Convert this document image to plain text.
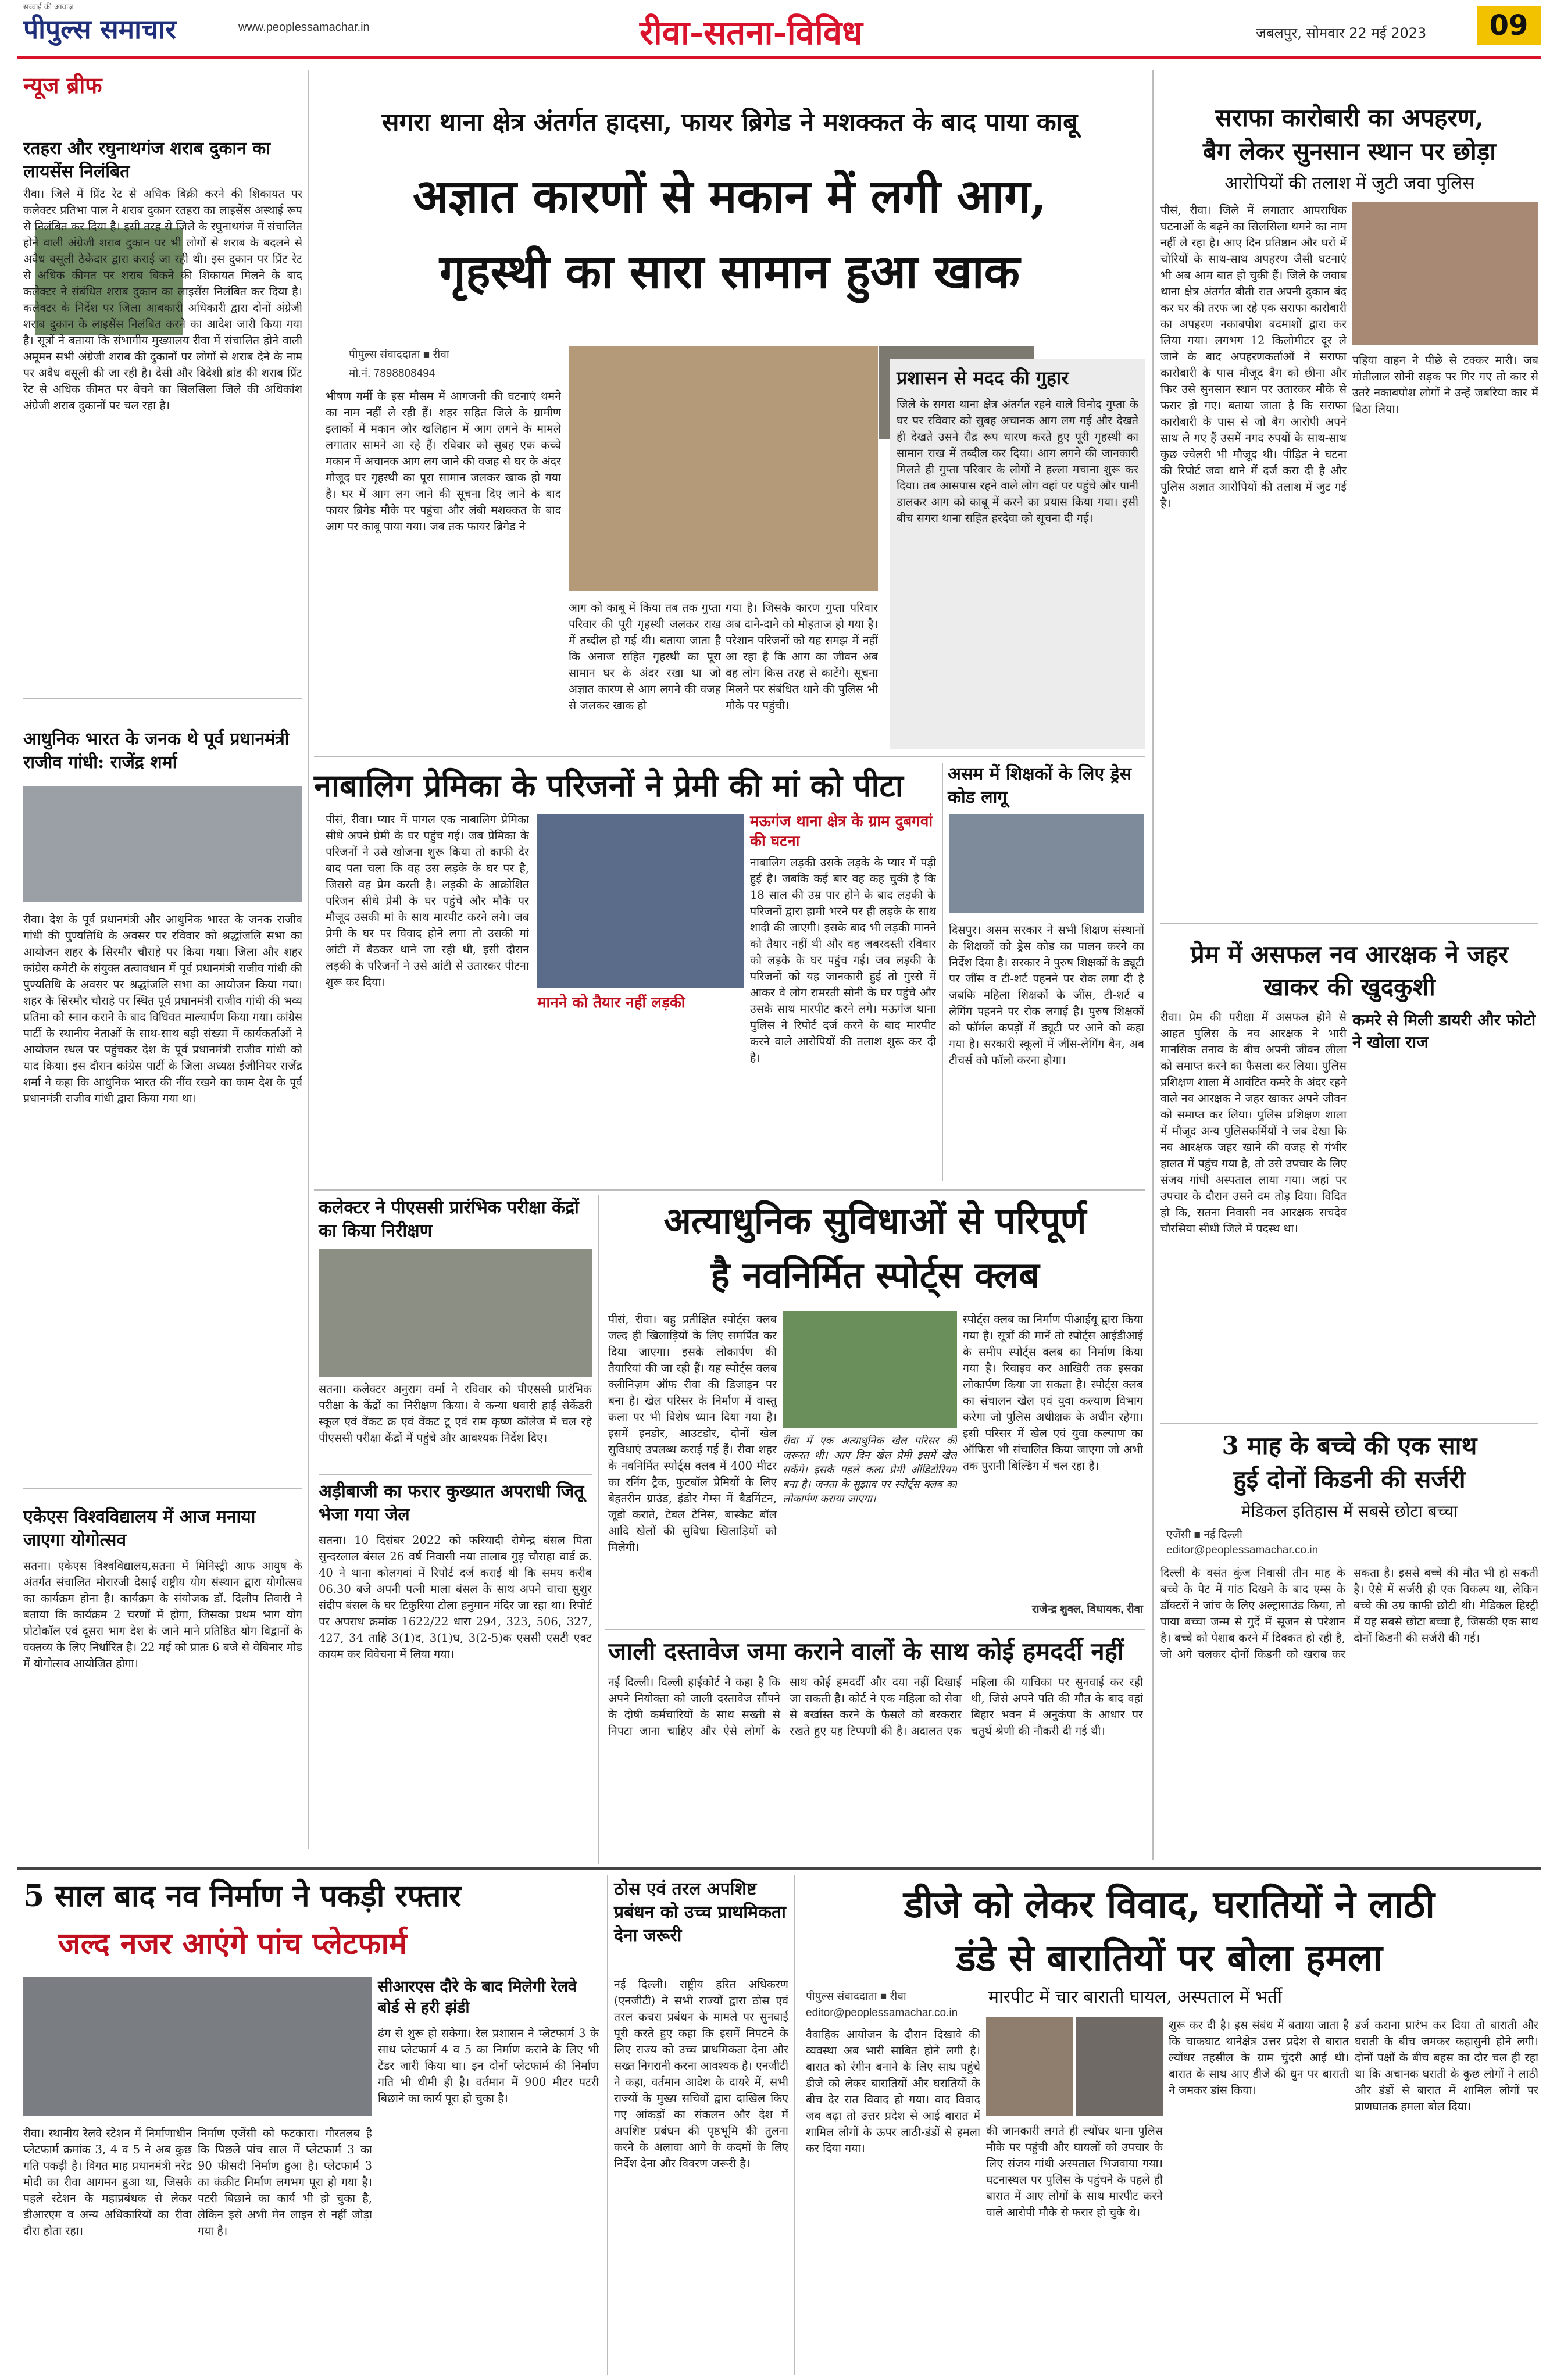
सच्चाई की आवाज़
पीपुल्स समाचार	www.peoplessamachar.in	रीवा-सतना-विविध	जबलपुर, सोमवार 22 मई 2023	09
न्यूज ब्रीफ
रतहरा और रघुनाथगंज शराब दुकान का लायसेंस निलंबित
रीवा। जिले में प्रिंट रेट से अधिक बिक्री करने की शिकायत पर कलेक्टर प्रतिभा पाल ने शराब दुकान रतहरा का लाइसेंस अस्थाई रूप से निलंबित कर दिया है। इसी तरह से जिले के रघुनाथगंज में संचालित होने वाली अंग्रेजी शराब दुकान पर भी लोगों से शराब के बदलने से अवैध वसूली ठेकेदार द्वारा कराई जा रही थी। इस दुकान पर प्रिंट रेट से अधिक कीमत पर शराब बिकने की शिकायत मिलने के बाद कलेक्टर ने संबंधित शराब दुकान का लाइसेंस निलंबित कर दिया है। कलेक्टर के निर्देश पर जिला आबकारी अधिकारी द्वारा दोनों अंग्रेजी शराब दुकान के लाइसेंस निलंबित करने का आदेश जारी किया गया है। सूत्रों ने बताया कि संभागीय मुख्यालय रीवा में संचालित होने वाली अमूमन सभी अंग्रेजी शराब की दुकानों पर लोगों से शराब देने के नाम पर अवैध वसूली की जा रही है। देसी और विदेशी ब्रांड की शराब प्रिंट रेट से अधिक कीमत पर बेचने का सिलसिला जिले की अधिकांश अंग्रेजी शराब दुकानों पर चल रहा है।
आधुनिक भारत के जनक थे पूर्व प्रधानमंत्री राजीव गांधी: राजेंद्र शर्मा
रीवा। देश के पूर्व प्रधानमंत्री और आधुनिक भारत के जनक राजीव गांधी की पुण्यतिथि के अवसर पर रविवार को श्रद्धांजलि सभा का आयोजन शहर के सिरमौर चौराहे पर किया गया। जिला और शहर कांग्रेस कमेटी के संयुक्त तत्वावधान में पूर्व प्रधानमंत्री राजीव गांधी की पुण्यतिथि के अवसर पर श्रद्धांजलि सभा का आयोजन किया गया। शहर के सिरमौर चौराहे पर स्थित पूर्व प्रधानमंत्री राजीव गांधी की भव्य प्रतिमा को स्नान कराने के बाद विधिवत माल्यार्पण किया गया। कांग्रेस पार्टी के स्थानीय नेताओं के साथ-साथ बड़ी संख्या में कार्यकर्ताओं ने आयोजन स्थल पर पहुंचकर देश के पूर्व प्रधानमंत्री राजीव गांधी को याद किया। इस दौरान कांग्रेस पार्टी के जिला अध्यक्ष इंजीनियर राजेंद्र शर्मा ने कहा कि आधुनिक भारत की नींव रखने का काम देश के पूर्व प्रधानमंत्री राजीव गांधी द्वारा किया गया था।
एकेएस विश्वविद्यालय में आज मनाया जाएगा योगोत्सव
सतना। एकेएस विश्वविद्यालय,सतना में मिनिस्ट्री आफ आयुष के अंतर्गत संचालित मोरारजी देसाई राष्ट्रीय योग संस्थान द्वारा योगोत्सव का कार्यक्रम होना है। कार्यक्रम के संयोजक डॉ. दिलीप तिवारी ने बताया कि कार्यक्रम 2 चरणों में होगा, जिसका प्रथम भाग योग प्रोटोकॉल एवं दूसरा भाग देश के जाने माने प्रतिष्ठित योग विद्वानों के वक्तव्य के लिए निर्धारित है। 22 मई को प्रातः 6 बजे से वेबिनार मोड में योगोत्सव आयोजित होगा।
सगरा थाना क्षेत्र अंतर्गत हादसा, फायर ब्रिगेड ने मशक्कत के बाद पाया काबू
अज्ञात कारणों से मकान में लगी आग,
गृहस्थी का सारा सामान हुआ खाक
पीपुल्स संवाददाता ■ रीवा
मो.नं. 7898808494
भीषण गर्मी के इस मौसम में आगजनी की घटनाएं थमने का नाम नहीं ले रही हैं। शहर सहित जिले के ग्रामीण इलाकों में मकान और खलिहान में आग लगने के मामले लगातार सामने आ रहे हैं। रविवार को सुबह एक कच्चे मकान में अचानक आग लग जाने की वजह से घर के अंदर मौजूद घर गृहस्थी का पूरा सामान जलकर खाक हो गया है। घर में आग लग जाने की सूचना दिए जाने के बाद फायर ब्रिगेड मौके पर पहुंचा और लंबी मशक्कत के बाद आग पर काबू पाया गया। जब तक फायर ब्रिगेड ने
आग को काबू में किया तब तक गुप्ता परिवार की पूरी गृहस्थी जलकर राख में तब्दील हो गई थी। बताया जाता है कि अनाज सहित गृहस्थी का पूरा सामान घर के अंदर रखा था जो अज्ञात कारण से आग लगने की वजह से जलकर खाक हो
गया है। जिसके कारण गुप्ता परिवार अब दाने-दाने को मोहताज हो गया है। परेशान परिजनों को यह समझ में नहीं आ रहा है कि आग का जीवन अब वह लोग किस तरह से काटेंगे। सूचना मिलने पर संबंधित थाने की पुलिस भी मौके पर पहुंची।
प्रशासन से मदद की गुहार
जिले के सगरा थाना क्षेत्र अंतर्गत रहने वाले विनोद गुप्ता के घर पर रविवार को सुबह अचानक आग लग गई और देखते ही देखते उसने रौद्र रूप धारण करते हुए पूरी गृहस्थी का सामान राख में तब्दील कर दिया। आग लगने की जानकारी मिलते ही गुप्ता परिवार के लोगों ने हल्ला मचाना शुरू कर दिया। तब आसपास रहने वाले लोग वहां पर पहुंचे और पानी डालकर आग को काबू में करने का प्रयास किया गया। इसी बीच सगरा थाना सहित हरदेवा को सूचना दी गई।
नाबालिग प्रेमिका के परिजनों ने प्रेमी की मां को पीटा
पीसं, रीवा। प्यार में पागल एक नाबालिग प्रेमिका सीधे अपने प्रेमी के घर पहुंच गई। जब प्रेमिका के परिजनों ने उसे खोजना शुरू किया तो काफी देर बाद पता चला कि वह उस लड़के के घर पर है, जिससे वह प्रेम करती है। लड़की के आक्रोशित परिजन सीधे प्रेमी के घर पहुंचे और मौके पर मौजूद उसकी मां के साथ मारपीट करने लगे। जब प्रेमी के घर पर विवाद होने लगा तो उसकी मां आंटी में बैठकर थाने जा रही थी, इसी दौरान लड़की के परिजनों ने उसे आंटी से उतारकर पीटना शुरू कर दिया।
मानने को तैयार नहीं लड़की
मऊगंज थाना क्षेत्र के ग्राम दुबगवां की घटना
नाबालिग लड़की उसके लड़के के प्यार में पड़ी हुई है। जबकि कई बार वह कह चुकी है कि 18 साल की उम्र पार होने के बाद लड़की के परिजनों द्वारा हामी भरने पर ही लड़के के साथ शादी की जाएगी। इसके बाद भी लड़की मानने को तैयार नहीं थी और वह जबरदस्ती रविवार को लड़के के घर पहुंच गई। जब लड़की के परिजनों को यह जानकारी हुई तो गुस्से में आकर वे लोग रामरती सोनी के घर पहुंचे और उसके साथ मारपीट करने लगे। मऊगंज थाना पुलिस ने रिपोर्ट दर्ज करने के बाद मारपीट करने वाले आरोपियों की तलाश शुरू कर दी है।
असम में शिक्षकों के लिए ड्रेस कोड लागू
दिसपुर। असम सरकार ने सभी शिक्षण संस्थानों के शिक्षकों को ड्रेस कोड का पालन करने का निर्देश दिया है। सरकार ने पुरुष शिक्षकों के ड्यूटी पर जींस व टी-शर्ट पहनने पर रोक लगा दी है जबकि महिला शिक्षकों के जींस, टी-शर्ट व लेगिंग पहनने पर रोक लगाई है। पुरुष शिक्षकों को फॉर्मल कपड़ों में ड्यूटी पर आने को कहा गया है। सरकारी स्कूलों में जींस-लेगिंग बैन, अब टीचर्स को फॉलो करना होगा।
कलेक्टर ने पीएससी प्रारंभिक परीक्षा केंद्रों का किया निरीक्षण
सतना। कलेक्टर अनुराग वर्मा ने रविवार को पीएससी प्रारंभिक परीक्षा के केंद्रों का निरीक्षण किया। वे कन्या धवारी हाई सेकेंडरी स्कूल एवं वेंकट क्र एवं वेंकट टू एवं राम कृष्ण कॉलेज में चल रहे पीएससी परीक्षा केंद्रों में पहुंचे और आवश्यक निर्देश दिए।
अड़ीबाजी का फरार कुख्यात अपराधी जितू भेजा गया जेल
सतना। 10 दिसंबर 2022 को फरियादी रोमेन्द्र बंसल पिता सुन्दरलाल बंसल 26 वर्ष निवासी नया तालाब गुड़ चौराहा वार्ड क्र. 40 ने थाना कोलगवां में रिपोर्ट दर्ज कराई थी कि समय करीब 06.30 बजे अपनी पत्नी माला बंसल के साथ अपने चाचा सुशुर संदीप बंसल के घर टिकुरिया टोला हनुमान मंदिर जा रहा था। रिपोर्ट पर अपराध क्रमांक 1622/22 धारा 294, 323, 506, 327, 427, 34 ताहि 3(1)द, 3(1)ध, 3(2-5)क एससी एसटी एक्ट कायम कर विवेचना में लिया गया।
अत्याधुनिक सुविधाओं से परिपूर्ण
है नवनिर्मित स्पोर्ट्स क्लब
पीसं, रीवा। बहु प्रतीक्षित स्पोर्ट्स क्लब जल्द ही खिलाड़ियों के लिए समर्पित कर दिया जाएगा। इसके लोकार्पण की तैयारियां की जा रही हैं। यह स्पोर्ट्स क्लब क्लीनिज़म ऑफ रीवा की डिजाइन पर बना है। खेल परिसर के निर्माण में वास्तु कला पर भी विशेष ध्यान दिया गया है। इसमें इनडोर, आउटडोर, दोनों खेल सुविधाएं उपलब्ध कराई गई हैं। रीवा शहर के नवनिर्मित स्पोर्ट्स क्लब में 400 मीटर का रनिंग ट्रैक, फुटबॉल प्रेमियों के लिए बेहतरीन ग्राउंड, इंडोर गेम्स में बैडमिंटन, जूडो कराते, टेबल टेनिस, बास्केट बॉल आदि खेलों की सुविधा खिलाड़ियों को मिलेगी।
स्पोर्ट्स क्लब का निर्माण पीआईयू द्वारा किया गया है। सूत्रों की मानें तो स्पोर्ट्स आईडीआई के समीप स्पोर्ट्स क्लब का निर्माण किया गया है। रिवाइव कर आखिरी तक इसका लोकार्पण किया जा सकता है। स्पोर्ट्स क्लब का संचालन खेल एवं युवा कल्याण विभाग करेगा जो पुलिस अधीक्षक के अधीन रहेगा। इसी परिसर में खेल एवं युवा कल्याण का ऑफिस भी संचालित किया जाएगा जो अभी तक पुरानी बिल्डिंग में चल रहा है।
रीवा में एक अत्याधुनिक खेल परिसर की जरूरत थी। आप दिन खेल प्रेमी इसमें खेल सकेंगे। इसके पहले कला प्रेमी ऑडिटोरियम बना है। जनता के सुझाव पर स्पोर्ट्स क्लब का लोकार्पण कराया जाएगा।
राजेन्द्र शुक्ल, विधायक, रीवा
जाली दस्तावेज जमा कराने वालों के साथ कोई हमदर्दी नहीं
नई दिल्ली। दिल्ली हाईकोर्ट ने कहा है कि अपने नियोक्ता को जाली दस्तावेज सौंपने के दोषी कर्मचारियों के साथ सख्ती से निपटा जाना चाहिए और ऐसे लोगों के साथ कोई हमदर्दी और दया नहीं दिखाई जा सकती है। कोर्ट ने एक महिला को सेवा से बर्खास्त करने के फैसले को बरकरार रखते हुए यह टिप्पणी की है। अदालत एक महिला की याचिका पर सुनवाई कर रही थी, जिसे अपने पति की मौत के बाद वहां बिहार भवन में अनुकंपा के आधार पर चतुर्थ श्रेणी की नौकरी दी गई थी।
सराफा कारोबारी का अपहरण,
बैग लेकर सुनसान स्थान पर छोड़ा
आरोपियों की तलाश में जुटी जवा पुलिस
पीसं, रीवा। जिले में लगातार आपराधिक घटनाओं के बढ़ने का सिलसिला थमने का नाम नहीं ले रहा है। आए दिन प्रतिष्ठान और घरों में चोरियों के साथ-साथ अपहरण जैसी घटनाएं भी अब आम बात हो चुकी हैं। जिले के जवाब थाना क्षेत्र अंतर्गत बीती रात अपनी दुकान बंद कर घर की तरफ जा रहे एक सराफा कारोबारी का अपहरण नकाबपोश बदमाशों द्वारा कर लिया गया। लगभग 12 किलोमीटर दूर ले जाने के बाद अपहरणकर्ताओं ने सराफा कारोबारी के पास मौजूद बैग को छीना और फिर उसे सुनसान स्थान पर उतारकर मौके से फरार हो गए। बताया जाता है कि सराफा कारोबारी के पास से जो बैग आरोपी अपने साथ ले गए हैं उसमें नगद रुपयों के साथ-साथ कुछ ज्वेलरी भी मौजूद थी। पीड़ित ने घटना की रिपोर्ट जवा थाने में दर्ज करा दी है और पुलिस अज्ञात आरोपियों की तलाश में जुट गई है।
पहिया वाहन ने पीछे से टक्कर मारी। जब मोतीलाल सोनी सड़क पर गिर गए तो कार से उतरे नकाबपोश लोगों ने उन्हें जबरिया कार में बिठा लिया।
प्रेम में असफल नव आरक्षक ने जहर खाकर की खुदकुशी
रीवा। प्रेम की परीक्षा में असफल होने से आहत पुलिस के नव आरक्षक ने भारी मानसिक तनाव के बीच अपनी जीवन लीला को समाप्त करने का फैसला कर लिया। पुलिस प्रशिक्षण शाला में आवंटित कमरे के अंदर रहने वाले नव आरक्षक ने जहर खाकर अपने जीवन को समाप्त कर लिया। पुलिस प्रशिक्षण शाला में मौजूद अन्य पुलिसकर्मियों ने जब देखा कि नव आरक्षक जहर खाने की वजह से गंभीर हालत में पहुंच गया है, तो उसे उपचार के लिए संजय गांधी अस्पताल लाया गया। जहां पर उपचार के दौरान उसने दम तोड़ दिया। विदित हो कि, सतना निवासी नव आरक्षक सचदेव चौरसिया सीधी जिले में पदस्थ था।
कमरे से मिली डायरी और फोटो ने खोला राज
3 माह के बच्चे की एक साथ
हुई दोनों किडनी की सर्जरी
मेडिकल इतिहास में सबसे छोटा बच्चा
एजेंसी ■ नई दिल्ली
editor@peoplessamachar.co.in
दिल्ली के वसंत कुंज निवासी तीन माह के बच्चे के पेट में गांठ दिखने के बाद एम्स के डॉक्टरों ने जांच के लिए अल्ट्रासाउंड किया, तो पाया बच्चा जन्म से गुर्दे में सूजन से परेशान है। बच्चे को पेशाब करने में दिक्कत हो रही है, जो अगे चलकर दोनों किडनी को खराब कर सकता है। इससे बच्चे की मौत भी हो सकती है। ऐसे में सर्जरी ही एक विकल्प था, लेकिन बच्चे की उम्र काफी छोटी थी। मेडिकल हिस्ट्री में यह सबसे छोटा बच्चा है, जिसकी एक साथ दोनों किडनी की सर्जरी की गई।
5 साल बाद नव निर्माण ने पकड़ी रफ्तार
जल्द नजर आएंगे पांच प्लेटफार्म
सीआरएस दौरे के बाद मिलेगी रेलवे बोर्ड से हरी झंडी
रीवा। स्थानीय रेलवे स्टेशन में निर्माणाधीन प्लेटफार्म क्रमांक 3, 4 व 5 ने अब कुछ गति पकड़ी है। विगत माह प्रधानमंत्री नरेंद्र मोदी का रीवा आगमन हुआ था, जिसके पहले स्टेशन के महाप्रबंधक से लेकर डीआरएम व अन्य अधिकारियों का रीवा दौरा होता रहा।
निर्माण एजेंसी को फटकारा। गौरतलब है कि पिछले पांच साल में प्लेटफार्म 3 का 90 फीसदी निर्माण हुआ है। प्लेटफार्म 3 का कंक्रीट निर्माण लगभग पूरा हो गया है। पटरी बिछाने का कार्य भी हो चुका है, लेकिन इसे अभी मेन लाइन से नहीं जोड़ा गया है।
ढंग से शुरू हो सकेगा। रेल प्रशासन ने प्लेटफार्म 3 के साथ प्लेटफार्म 4 व 5 का निर्माण कराने के लिए भी टेंडर जारी किया था। इन दोनों प्लेटफार्म की निर्माण गति भी धीमी ही है। वर्तमान में 900 मीटर पटरी बिछाने का कार्य पूरा हो चुका है।
ठोस एवं तरल अपशिष्ट प्रबंधन को उच्च प्राथमिकता देना जरूरी
नई दिल्ली। राष्ट्रीय हरित अधिकरण (एनजीटी) ने सभी राज्यों द्वारा ठोस एवं तरल कचरा प्रबंधन के मामले पर सुनवाई पूरी करते हुए कहा कि इसमें निपटने के लिए राज्य को उच्च प्राथमिकता देना और सख्त निगरानी करना आवश्यक है। एनजीटी ने कहा, वर्तमान आदेश के दायरे में, सभी राज्यों के मुख्य सचिवों द्वारा दाखिल किए गए आंकड़ों का संकलन और देश में अपशिष्ट प्रबंधन की पृष्ठभूमि की तुलना करने के अलावा आगे के कदमों के लिए निर्देश देना और विवरण जरूरी है।
डीजे को लेकर विवाद, घरातियों ने लाठी
डंडे से बारातियों पर बोला हमला
पीपुल्स संवाददाता ■ रीवा
editor@peoplessamachar.co.in
मारपीट में चार बाराती घायल, अस्पताल में भर्ती
वैवाहिक आयोजन के दौरान दिखावे की व्यवस्था अब भारी साबित होने लगी है। बारात को रंगीन बनाने के लिए साथ पहुंचे डीजे को लेकर बारातियों और घरातियों के बीच देर रात विवाद हो गया। वाद विवाद जब बढ़ा तो उत्तर प्रदेश से आई बारात में शामिल लोगों के ऊपर लाठी-डंडों से हमला कर दिया गया।
की जानकारी लगते ही ल्योंधर थाना पुलिस मौके पर पहुंची और घायलों को उपचार के लिए संजय गांधी अस्पताल भिजवाया गया। घटनास्थल पर पुलिस के पहुंचने के पहले ही बारात में आए लोगों के साथ मारपीट करने वाले आरोपी मौके से फरार हो चुके थे।
शुरू कर दी है। इस संबंध में बताया जाता है कि चाकघाट थानेक्षेत्र उत्तर प्रदेश से बारात ल्योंधर तहसील के ग्राम चुंदरी आई थी। बारात के साथ आए डीजे की धुन पर बाराती ने जमकर डांस किया।
डर्ज कराना प्रारंभ कर दिया तो बाराती और घराती के बीच जमकर कहासुनी होने लगी। दोनों पक्षों के बीच बहस का दौर चल ही रहा था कि अचानक घराती के कुछ लोगों ने लाठी और डंडों से बारात में शामिल लोगों पर प्राणघातक हमला बोल दिया।
